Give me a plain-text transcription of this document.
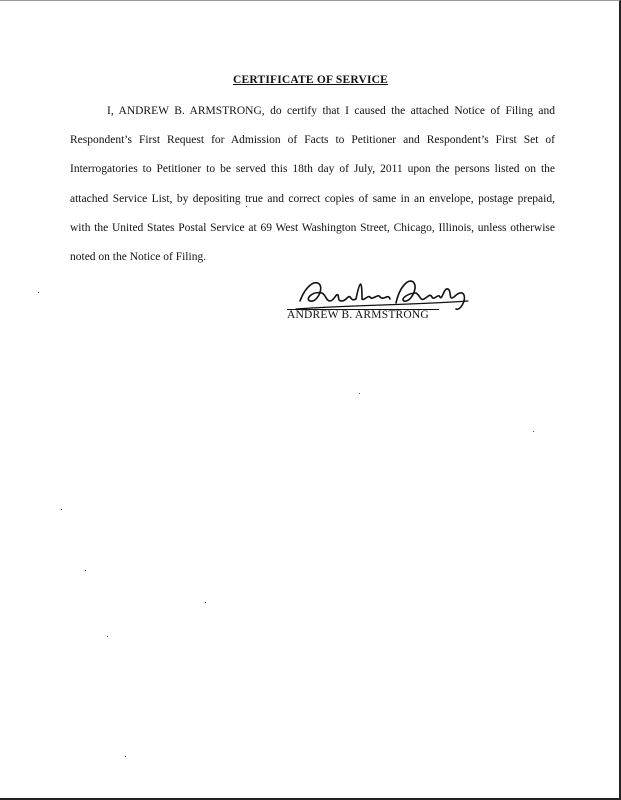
CERTIFICATE OF SERVICE
I, ANDREW B. ARMSTRONG, do certify that I caused the attached Notice of Filing and Respondent’s First Request for Admission of Facts to Petitioner and Respondent’s First Set of Interrogatories to Petitioner to be served this 18th day of July, 2011 upon the persons listed on the attached Service List, by depositing true and correct copies of same in an envelope, postage prepaid, with the United States Postal Service at 69 West Washington Street, Chicago, Illinois, unless otherwise noted on the Notice of Filing.
ANDREW B. ARMSTRONG
